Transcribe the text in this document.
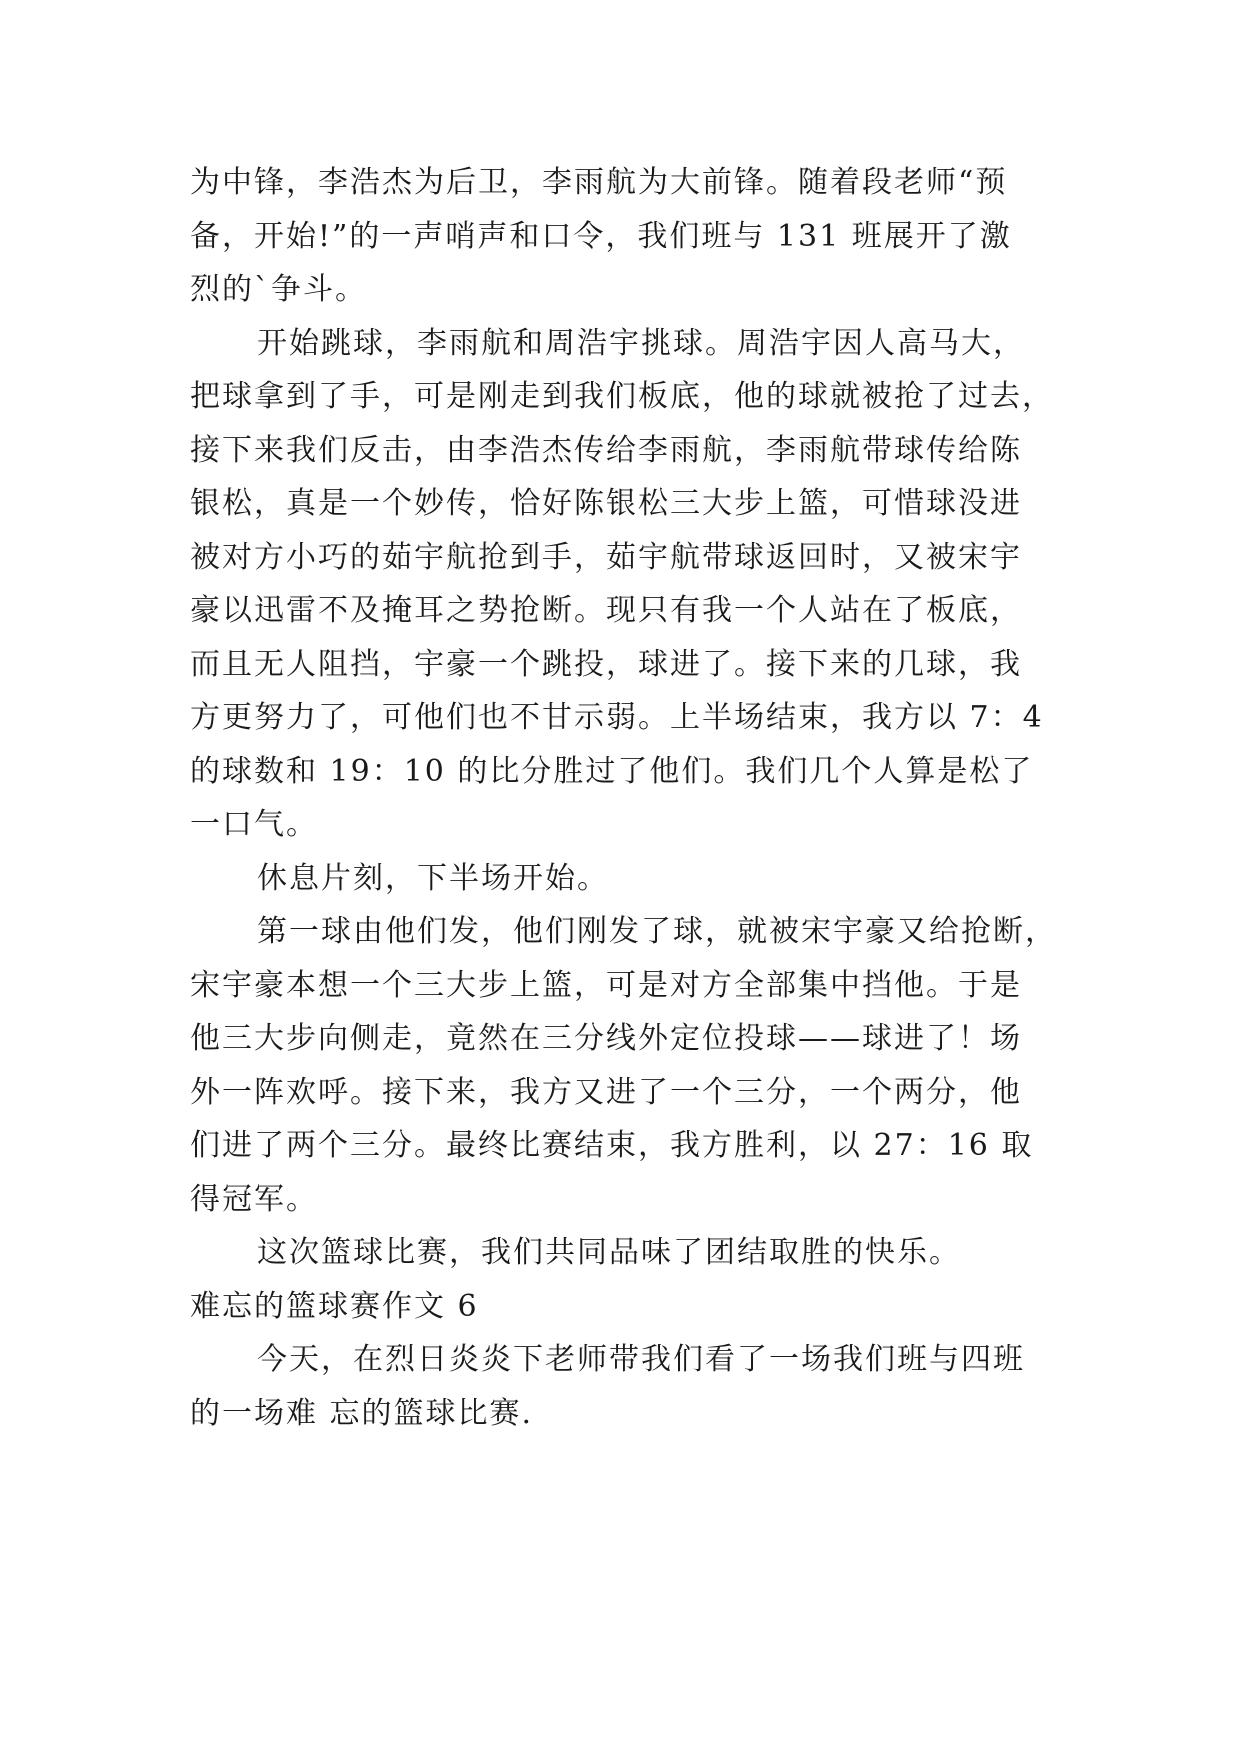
为中锋，李浩杰为后卫，李雨航为大前锋。随着段老师“预
备，开始!”的一声哨声和口令，我们班与 131 班展开了激
烈的`争斗。
开始跳球，李雨航和周浩宇挑球。周浩宇因人高马大，
把球拿到了手，可是刚走到我们板底，他的球就被抢了过去，
接下来我们反击，由李浩杰传给李雨航，李雨航带球传给陈
银松，真是一个妙传，恰好陈银松三大步上篮，可惜球没进
被对方小巧的茹宇航抢到手，茹宇航带球返回时，又被宋宇
豪以迅雷不及掩耳之势抢断。现只有我一个人站在了板底，
而且无人阻挡，宇豪一个跳投，球进了。接下来的几球，我
方更努力了，可他们也不甘示弱。上半场结束，我方以 7：4
的球数和 19：10 的比分胜过了他们。我们几个人算是松了
一口气。
休息片刻，下半场开始。
第一球由他们发，他们刚发了球，就被宋宇豪又给抢断，
宋宇豪本想一个三大步上篮，可是对方全部集中挡他。于是
他三大步向侧走，竟然在三分线外定位投球——球进了！场
外一阵欢呼。接下来，我方又进了一个三分，一个两分，他
们进了两个三分。最终比赛结束，我方胜利，以 27：16 取
得冠军。
这次篮球比赛，我们共同品味了团结取胜的快乐。
难忘的篮球赛作文 6
今天，在烈日炎炎下老师带我们看了一场我们班与四班
的一场难 忘的篮球比赛.
